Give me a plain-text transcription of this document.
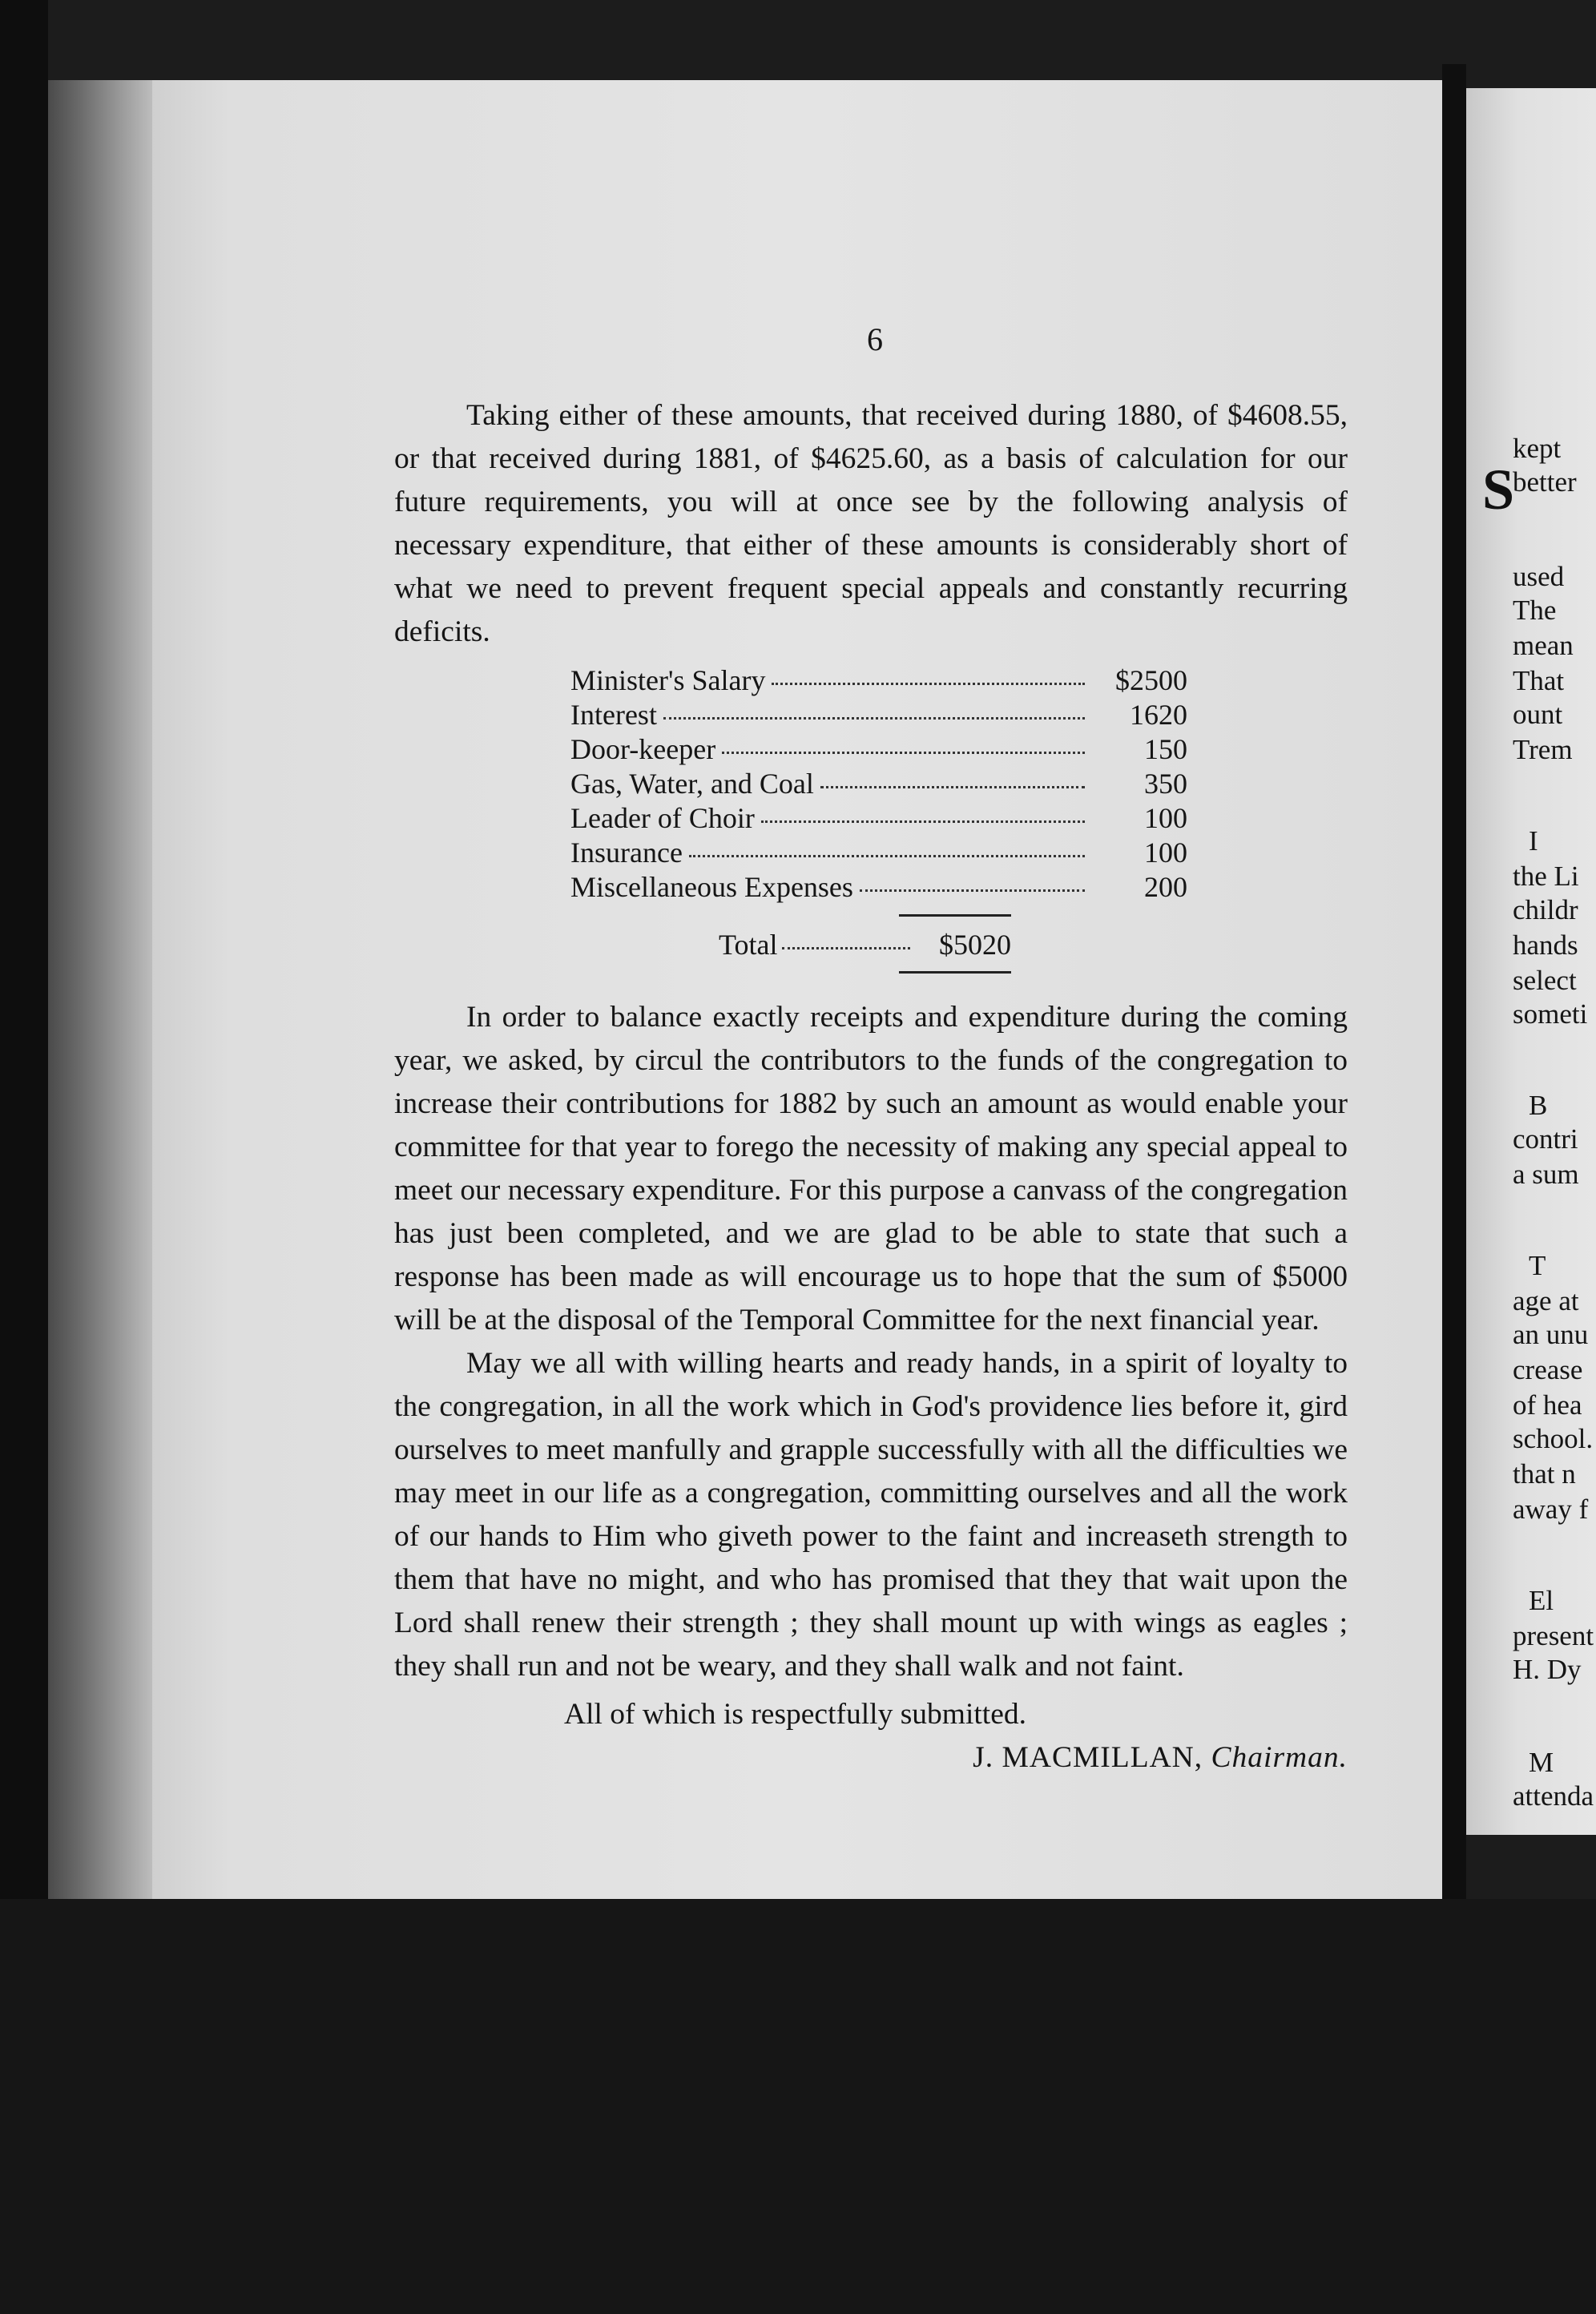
S
kept
better
used
The
mean
That
ount
Trem
I
the Li
childr
hands
select
someti
B
contri
a sum
T
age at
an unu
crease
of hea
school.
that n
away f
El
present
H. Dy
M
attenda
6

Taking either of these amounts, that received during 1880, of $4608.55, or that received during 1881, of $4625.60, as a basis of calculation for our future requirements, you will at once see by the following analysis of necessary expenditure, that either of these amounts is considerably short of what we need to prevent frequent special appeals and constantly recurring deficits.

Minister's Salary	$2500
Interest	1620
Door-keeper	150
Gas, Water, and Coal	350
Leader of Choir	100
Insurance	100
Miscellaneous Expenses	200
Total	$5020

In order to balance exactly receipts and expenditure during the coming year, we asked, by circul the contributors to the funds of the congregation to increase their contributions for 1882 by such an amount as would enable your committee for that year to forego the necessity of making any special appeal to meet our necessary expenditure. For this purpose a canvass of the congregation has just been completed, and we are glad to be able to state that such a response has been made as will encourage us to hope that the sum of $5000 will be at the disposal of the Temporal Committee for the next financial year.

May we all with willing hearts and ready hands, in a spirit of loyalty to the congregation, in all the work which in God's providence lies before it, gird ourselves to meet manfully and grapple successfully with all the difficulties we may meet in our life as a congregation, committing ourselves and all the work of our hands to Him who giveth power to the faint and increaseth strength to them that have no might, and who has promised that they that wait upon the Lord shall renew their strength ; they shall mount up with wings as eagles ; they shall run and not be weary, and they shall walk and not faint.

All of which is respectfully submitted.

J. MACMILLAN, Chairman.
